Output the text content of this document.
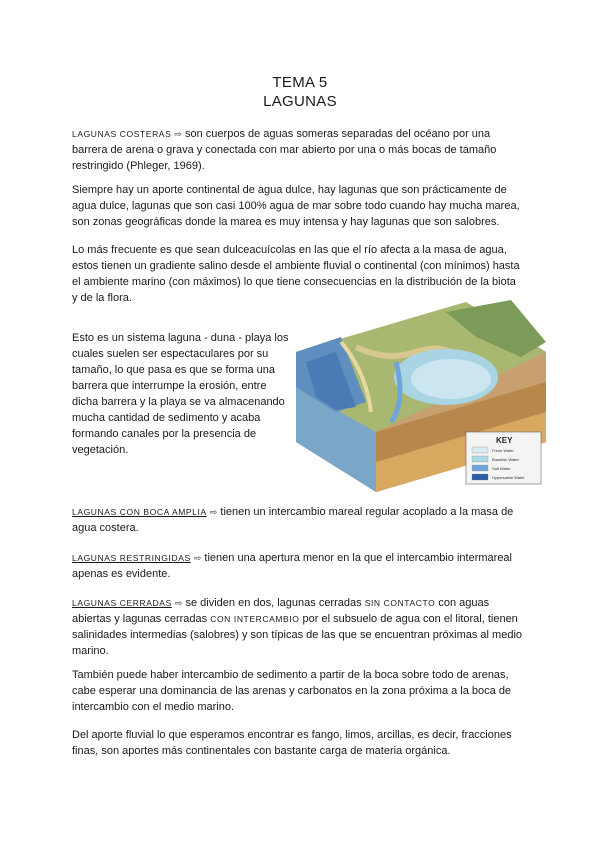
TEMA 5
LAGUNAS

LAGUNAS COSTERAS ⇨ son cuerpos de aguas someras separadas del océano por una barrera de arena o grava y conectada con mar abierto por una o más bocas de tamaño restringido (Phleger, 1969).

Siempre hay un aporte continental de agua dulce, hay lagunas que son prácticamente de agua dulce, lagunas que son casi 100% agua de mar sobre todo cuando hay mucha marea, son zonas geográficas donde la marea es muy intensa y hay lagunas que son salobres.

Lo más frecuente es que sean dulceacuícolas en las que el río afecta a la masa de agua, estos tienen un gradiente salino desde el ambiente fluvial o continental (con mínimos) hasta el ambiente marino (con máximos) lo que tiene consecuencias en la distribución de la biota y de la flora.

Esto es un sistema laguna - duna - playa los cuales suelen ser espectaculares por su tamaño, lo que pasa es que se forma una barrera que interrumpe la erosión, entre dicha barrera y la playa se va almacenando mucha cantidad de sedimento y acaba formando canales por la presencia de vegetación.

KEY
Fresh Water
Brackish Water
Salt Water
Hypersaline Water

LAGUNAS CON BOCA AMPLIA ⇨ tienen un intercambio mareal regular acoplado a la masa de agua costera.

LAGUNAS RESTRINGIDAS ⇨ tienen una apertura menor en la que el intercambio intermareal apenas es evidente.

LAGUNAS CERRADAS ⇨ se dividen en dos, lagunas cerradas SIN CONTACTO con aguas abiertas y lagunas cerradas CON INTERCAMBIO por el subsuelo de agua con el litoral, tienen salinidades intermedias (salobres) y son típicas de las que se encuentran próximas al medio marino.

También puede haber intercambio de sedimento a partir de la boca sobre todo de arenas, cabe esperar una dominancia de las arenas y carbonatos en la zona próxima a la boca de intercambio con el medio marino.

Del aporte fluvial lo que esperamos encontrar es fango, limos, arcillas, es decir, fracciones finas, son aportes más continentales con bastante carga de materia orgánica.
